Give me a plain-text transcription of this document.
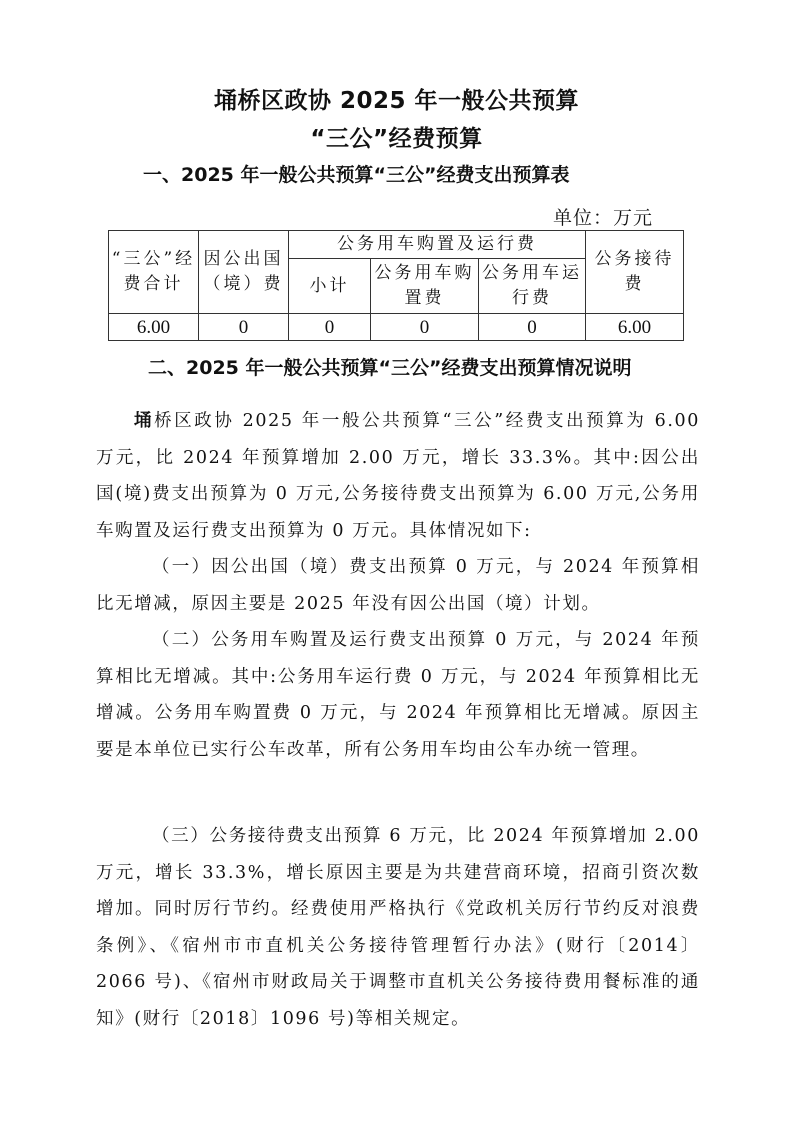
埇桥区政协 2025 年一般公共预算
“三公”经费预算
一、2025 年一般公共预算“三公”经费支出预算表
单位：万元
“三公”经费合计	因公出国（境）费	公务用车购置及运行费			公务接待费
		小计	公务用车购置费	公务用车运行费	
6.00	0	0	0	0	6.00
二、2025 年一般公共预算“三公”经费支出预算情况说明
埇桥区政协 2025 年一般公共预算“三公”经费支出预算为 6.00 万元，比 2024 年预算增加 2.00 万元，增长 33.3%。其中:因公出国(境)费支出预算为 0 万元,公务接待费支出预算为 6.00 万元,公务用车购置及运行费支出预算为 0 万元。具体情况如下:
（一）因公出国（境）费支出预算 0 万元，与 2024 年预算相比无增减，原因主要是 2025 年没有因公出国（境）计划。
（二）公务用车购置及运行费支出预算 0 万元，与 2024 年预算相比无增减。其中:公务用车运行费 0 万元，与 2024 年预算相比无增减。公务用车购置费 0 万元，与 2024 年预算相比无增减。原因主要是本单位已实行公车改革，所有公务用车均由公车办统一管理。
（三）公务接待费支出预算 6 万元，比 2024 年预算增加 2.00 万元，增长 33.3%，增长原因主要是为共建营商环境，招商引资次数增加。同时厉行节约。经费使用严格执行《党政机关厉行节约反对浪费条例》、《宿州市市直机关公务接待管理暂行办法》(财行〔2014〕2066 号)、《宿州市财政局关于调整市直机关公务接待费用餐标准的通知》(财行〔2018〕1096 号)等相关规定。
